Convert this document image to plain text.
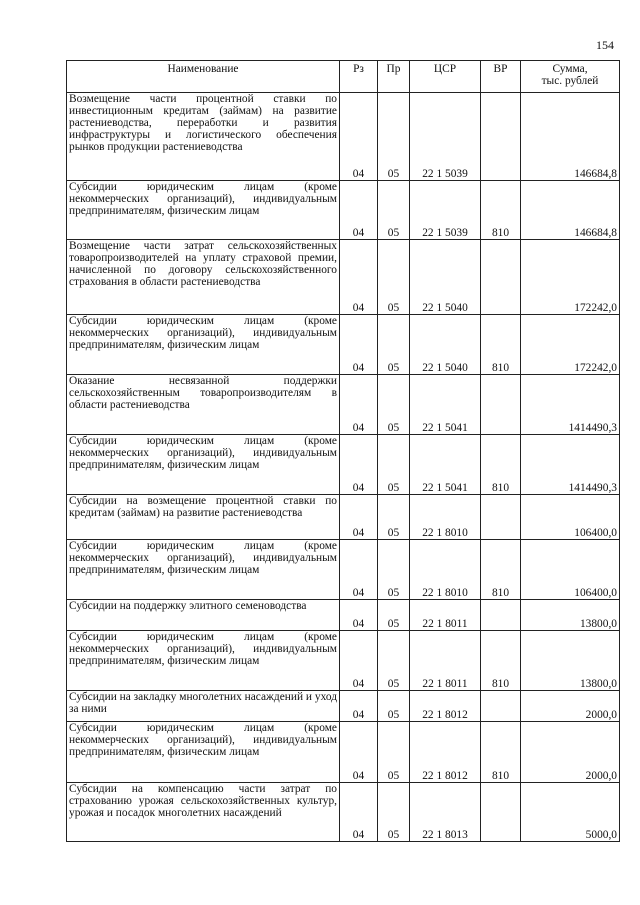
154
Наименование	Рз	Пр	ЦСР	ВР	Сумма,
тыс. рублей

Возмещение части процентной ставки по инвестиционным кредитам (займам) на развитие растениеводства, переработки и развития инфраструктуры и логистического обеспечения рынков продукции растениеводства	04	05	22 1 5039		146684,8
Субсидии юридическим лицам (кроме некоммерческих организаций), индивидуальным предпринимателям, физическим лицам	04	05	22 1 5039	810	146684,8
Возмещение части затрат сельскохозяйственных товаропроизводителей на уплату страховой премии, начисленной по договору сельскохозяйственного страхования в области растениеводства	04	05	22 1 5040		172242,0
Субсидии юридическим лицам (кроме некоммерческих организаций), индивидуальным предпринимателям, физическим лицам	04	05	22 1 5040	810	172242,0
Оказание несвязанной поддержки сельскохозяйственным товаропроизводителям в области растениеводства	04	05	22 1 5041		1414490,3
Субсидии юридическим лицам (кроме некоммерческих организаций), индивидуальным предпринимателям, физическим лицам	04	05	22 1 5041	810	1414490,3
Субсидии на возмещение процентной ставки по кредитам (займам) на развитие растениеводства	04	05	22 1 8010		106400,0
Субсидии юридическим лицам (кроме некоммерческих организаций), индивидуальным предпринимателям, физическим лицам	04	05	22 1 8010	810	106400,0
Субсидии на поддержку элитного семеноводства	04	05	22 1 8011		13800,0
Субсидии юридическим лицам (кроме некоммерческих организаций), индивидуальным предпринимателям, физическим лицам	04	05	22 1 8011	810	13800,0
Субсидии на закладку многолетних насаждений и уход за ними	04	05	22 1 8012		2000,0
Субсидии юридическим лицам (кроме некоммерческих организаций), индивидуальным предпринимателям, физическим лицам	04	05	22 1 8012	810	2000,0
Субсидии на компенсацию части затрат по страхованию урожая сельскохозяйственных культур, урожая и посадок многолетних насаждений	04	05	22 1 8013		5000,0
